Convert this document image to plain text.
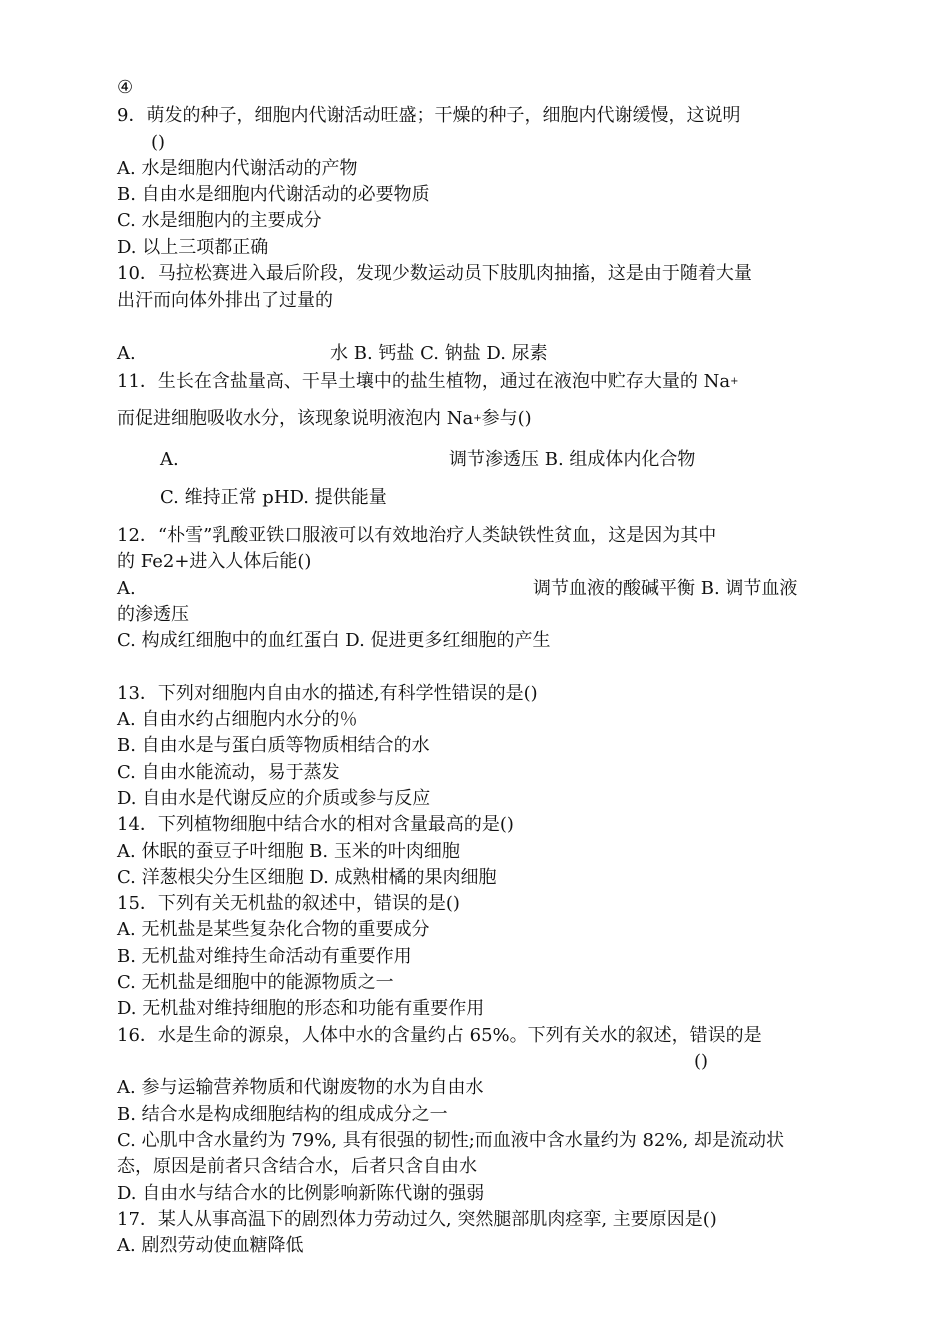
④
9．萌发的种子，细胞内代谢活动旺盛；干燥的种子，细胞内代谢缓慢，这说明
()
A. 水是细胞内代谢活动的产物
B. 自由水是细胞内代谢活动的必要物质
C. 水是细胞内的主要成分
D. 以上三项都正确
10．马拉松赛进入最后阶段，发现少数运动员下肢肌肉抽搐，这是由于随着大量
出汗而向体外排出了过量的
A.	水 B. 钙盐 C. 钠盐 D. 尿素
11．生长在含盐量高、干旱土壤中的盐生植物，通过在液泡中贮存大量的 Na+
而促进细胞吸收水分，该现象说明液泡内 Na+参与()
A.	调节渗透压 B. 组成体内化合物
C. 维持正常 pHD. 提供能量
12．“朴雪”乳酸亚铁口服液可以有效地治疗人类缺铁性贫血，这是因为其中
的 Fe2+进入人体后能()
A.	调节血液的酸碱平衡 B. 调节血液
的渗透压
C. 构成红细胞中的血红蛋白 D. 促进更多红细胞的产生
13．下列对细胞内自由水的描述,有科学性错误的是()
A. 自由水约占细胞内水分的％
B. 自由水是与蛋白质等物质相结合的水
C. 自由水能流动，易于蒸发
D. 自由水是代谢反应的介质或参与反应
14．下列植物细胞中结合水的相对含量最高的是()
A. 休眠的蚕豆子叶细胞 B. 玉米的叶肉细胞
C. 洋葱根尖分生区细胞 D. 成熟柑橘的果肉细胞
15．下列有关无机盐的叙述中，错误的是()
A. 无机盐是某些复杂化合物的重要成分
B. 无机盐对维持生命活动有重要作用
C. 无机盐是细胞中的能源物质之一
D. 无机盐对维持细胞的形态和功能有重要作用
16．水是生命的源泉，人体中水的含量约占 65%。下列有关水的叙述，错误的是
()
A. 参与运输营养物质和代谢废物的水为自由水
B. 结合水是构成细胞结构的组成成分之一
C. 心肌中含水量约为 79%, 具有很强的韧性;而血液中含水量约为 82%, 却是流动状
态，原因是前者只含结合水，后者只含自由水
D. 自由水与结合水的比例影响新陈代谢的强弱
17．某人从事高温下的剧烈体力劳动过久, 突然腿部肌肉痉挛, 主要原因是()
A. 剧烈劳动使血糖降低
